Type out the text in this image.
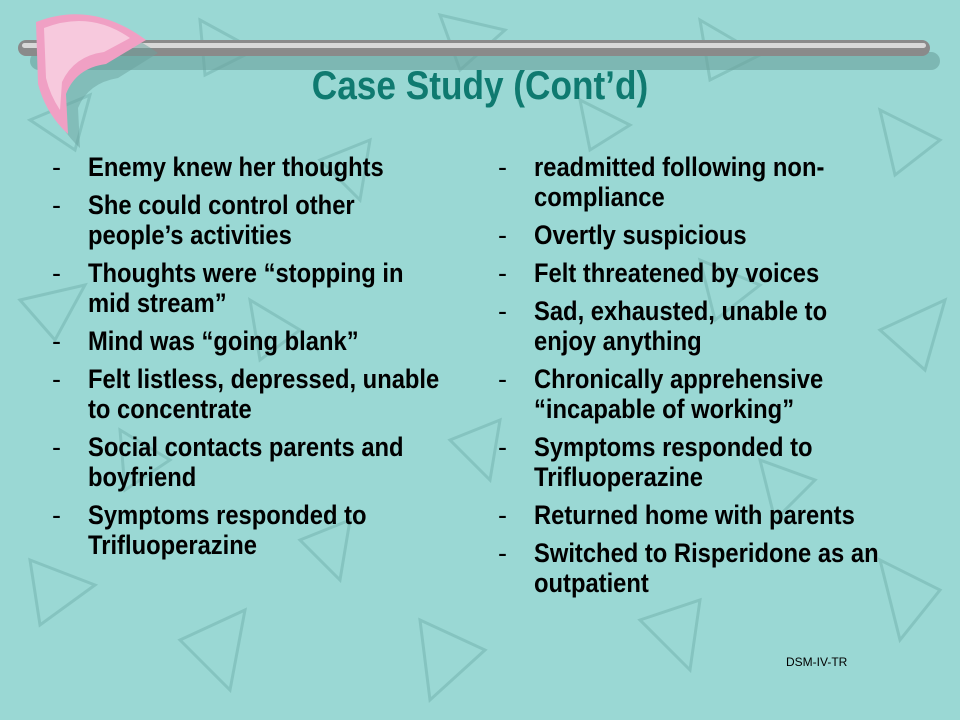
Case Study (Cont’d)
- Enemy knew her thoughts
- She could control other people’s activities
- Thoughts were “stopping in mid stream”
- Mind was “going blank”
- Felt listless, depressed, unable to concentrate
- Social contacts parents and boyfriend
- Symptoms responded to Trifluoperazine
- readmitted following non-compliance
- Overtly suspicious
- Felt threatened by voices
- Sad, exhausted, unable to enjoy anything
- Chronically apprehensive “incapable of working”
- Symptoms responded to Trifluoperazine
- Returned home with parents
- Switched to Risperidone as an outpatient
DSM-IV-TR
